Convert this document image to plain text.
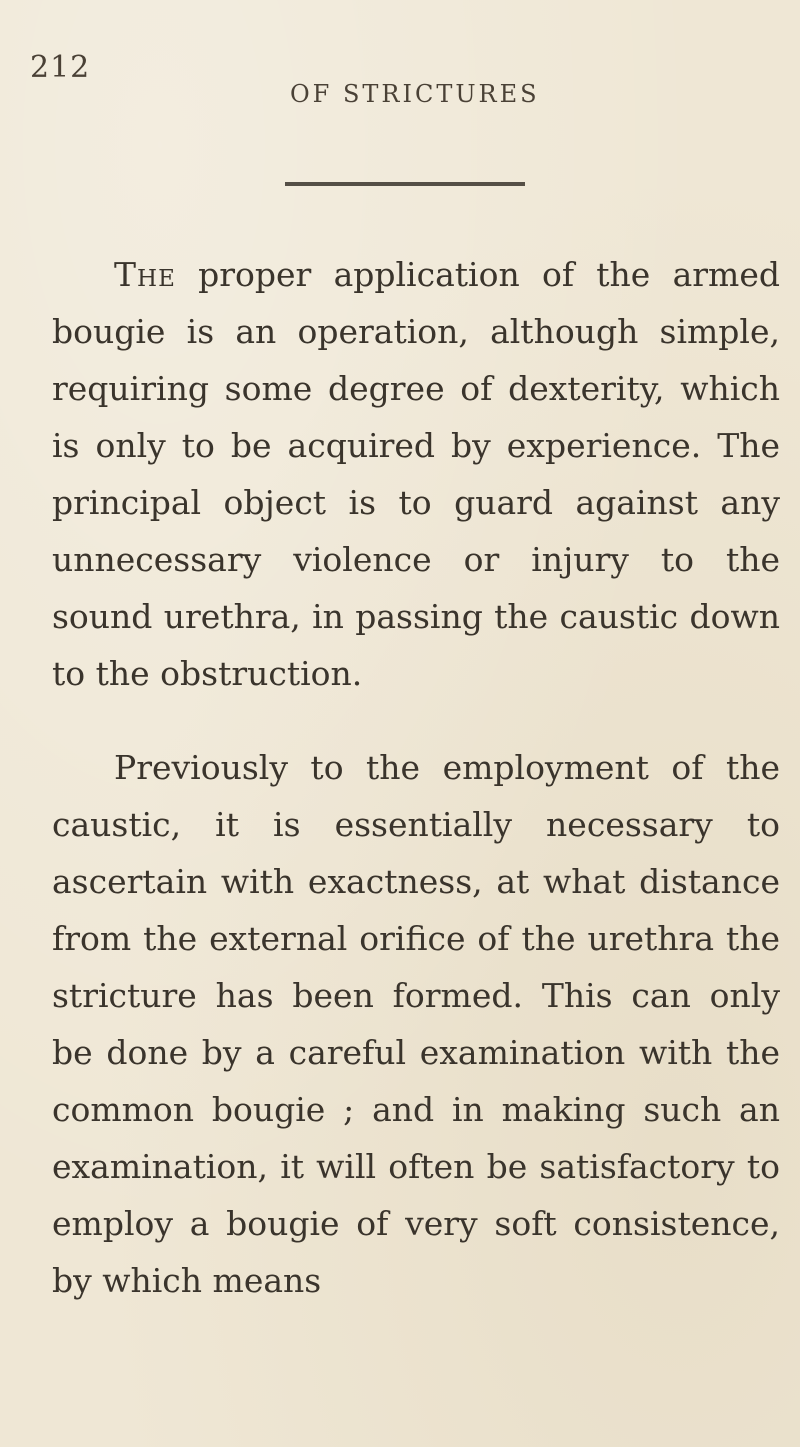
212
OF STRICTURES

The proper application of the armed bougie is an operation, although simple, requiring some degree of dexterity, which is only to be acquired by experience. The principal object is to guard against any unnecessary violence or injury to the sound urethra, in passing the caustic down to the obstruction.

Previously to the employment of the caustic, it is essentially necessary to ascertain with exactness, at what distance from the external orifice of the urethra the stricture has been formed. This can only be done by a careful examination with the common bougie ; and in making such an examination, it will often be satisfactory to employ a bougie of very soft consistence, by which means
